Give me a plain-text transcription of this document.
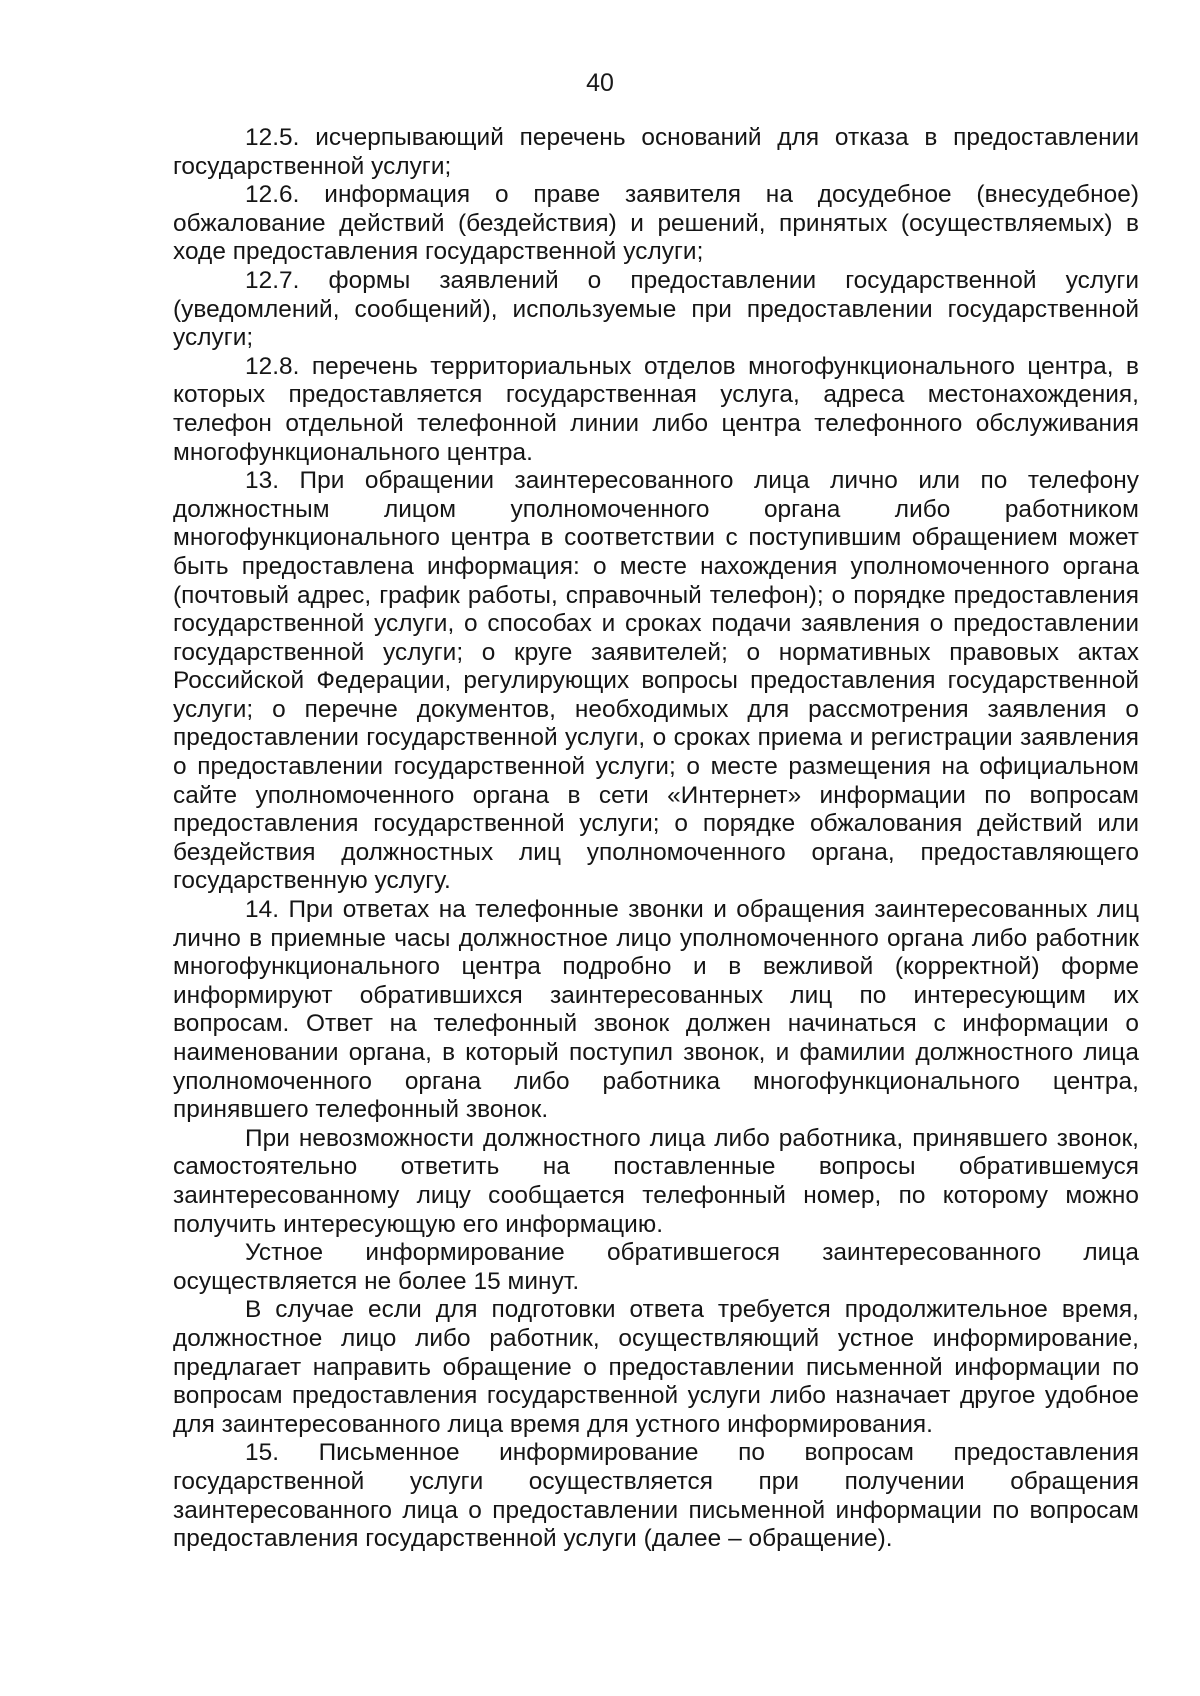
40

12.5. исчерпывающий перечень оснований для отказа в предоставлении государственной услуги;

12.6. информация о праве заявителя на досудебное (внесудебное) обжалование действий (бездействия) и решений, принятых (осуществляемых) в ходе предоставления государственной услуги;

12.7. формы заявлений о предоставлении государственной услуги (уведомлений, сообщений), используемые при предоставлении государственной услуги;

12.8. перечень территориальных отделов многофункционального центра, в которых предоставляется государственная услуга, адреса местонахождения, телефон отдельной телефонной линии либо центра телефонного обслуживания многофункционального центра.

13. При обращении заинтересованного лица лично или по телефону должностным лицом уполномоченного органа либо работником многофункционального центра в соответствии с поступившим обращением может быть предоставлена информация: о месте нахождения уполномоченного органа (почтовый адрес, график работы, справочный телефон); о порядке предоставления государственной услуги, о способах и сроках подачи заявления о предоставлении государственной услуги; о круге заявителей; о нормативных правовых актах Российской Федерации, регулирующих вопросы предоставления государственной услуги; о перечне документов, необходимых для рассмотрения заявления о предоставлении государственной услуги, о сроках приема и регистрации заявления о предоставлении государственной услуги; о месте размещения на официальном сайте уполномоченного органа в сети «Интернет» информации по вопросам предоставления государственной услуги; о порядке обжалования действий или бездействия должностных лиц уполномоченного органа, предоставляющего государственную услугу.

14. При ответах на телефонные звонки и обращения заинтересованных лиц лично в приемные часы должностное лицо уполномоченного органа либо работник многофункционального центра подробно и в вежливой (корректной) форме информируют обратившихся заинтересованных лиц по интересующим их вопросам. Ответ на телефонный звонок должен начинаться с информации о наименовании органа, в который поступил звонок, и фамилии должностного лица уполномоченного органа либо работника многофункционального центра, принявшего телефонный звонок.

При невозможности должностного лица либо работника, принявшего звонок, самостоятельно ответить на поставленные вопросы обратившемуся заинтересованному лицу сообщается телефонный номер, по которому можно получить интересующую его информацию.

Устное информирование обратившегося заинтересованного лица осуществляется не более 15 минут.

В случае если для подготовки ответа требуется продолжительное время, должностное лицо либо работник, осуществляющий устное информирование, предлагает направить обращение о предоставлении письменной информации по вопросам предоставления государственной услуги либо назначает другое удобное для заинтересованного лица время для устного информирования.

15. Письменное информирование по вопросам предоставления государственной услуги осуществляется при получении обращения заинтересованного лица о предоставлении письменной информации по вопросам предоставления государственной услуги (далее – обращение).
